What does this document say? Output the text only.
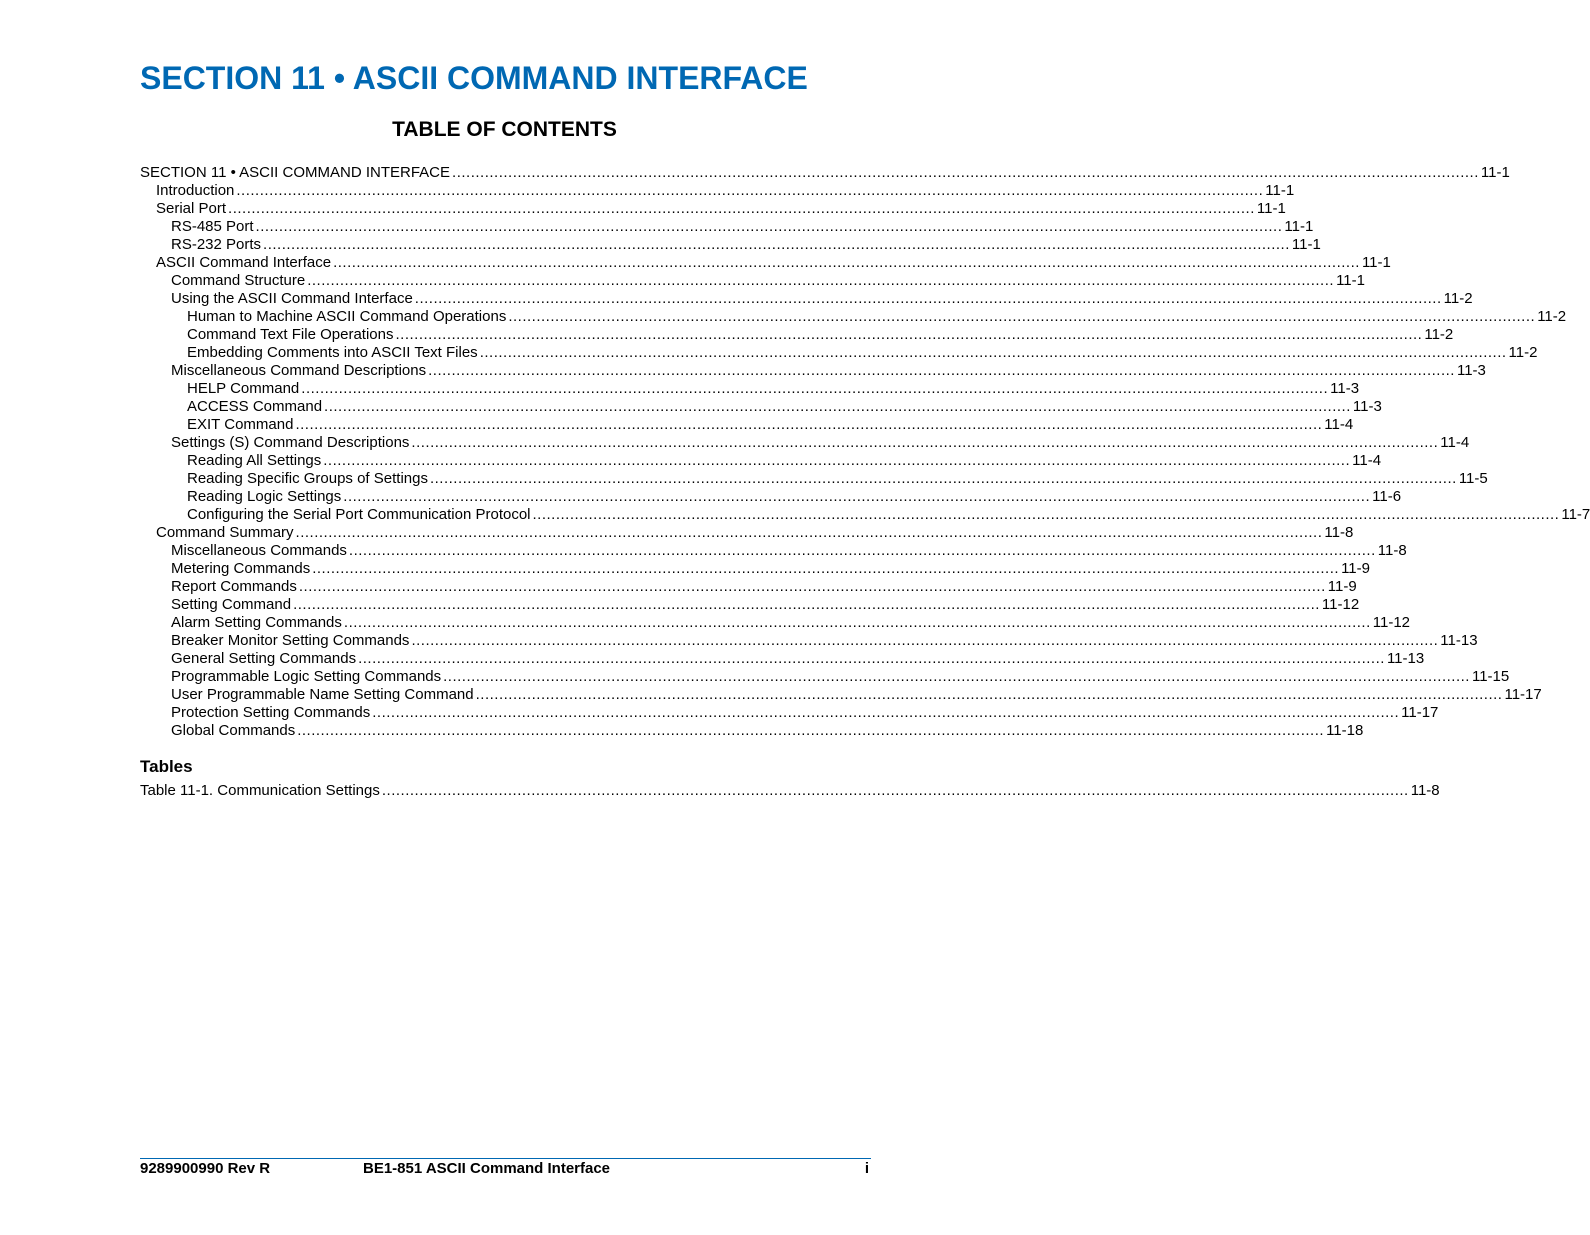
SECTION 11 • ASCII COMMAND INTERFACE
TABLE OF CONTENTS
SECTION 11 • ASCII COMMAND INTERFACE ............................................................................................................................................................................................................................ 11-1
Introduction ............................................................................................................................................................................................................................ 11-1
Serial Port ............................................................................................................................................................................................................................ 11-1
RS-485 Port ............................................................................................................................................................................................................................ 11-1
RS-232 Ports ............................................................................................................................................................................................................................ 11-1
ASCII Command Interface ............................................................................................................................................................................................................................ 11-1
Command Structure ............................................................................................................................................................................................................................ 11-1
Using the ASCII Command Interface ............................................................................................................................................................................................................................ 11-2
Human to Machine ASCII Command Operations ............................................................................................................................................................................................................................ 11-2
Command Text File Operations ............................................................................................................................................................................................................................ 11-2
Embedding Comments into ASCII Text Files ............................................................................................................................................................................................................................ 11-2
Miscellaneous Command Descriptions ............................................................................................................................................................................................................................ 11-3
HELP Command ............................................................................................................................................................................................................................ 11-3
ACCESS Command ............................................................................................................................................................................................................................ 11-3
EXIT Command ............................................................................................................................................................................................................................ 11-4
Settings (S) Command Descriptions ............................................................................................................................................................................................................................ 11-4
Reading All Settings ............................................................................................................................................................................................................................ 11-4
Reading Specific Groups of Settings ............................................................................................................................................................................................................................ 11-5
Reading Logic Settings ............................................................................................................................................................................................................................ 11-6
Configuring the Serial Port Communication Protocol ............................................................................................................................................................................................................................ 11-7
Command Summary ............................................................................................................................................................................................................................ 11-8
Miscellaneous Commands ............................................................................................................................................................................................................................ 11-8
Metering Commands ............................................................................................................................................................................................................................ 11-9
Report Commands ............................................................................................................................................................................................................................ 11-9
Setting Command ............................................................................................................................................................................................................................ 11-12
Alarm Setting Commands ............................................................................................................................................................................................................................ 11-12
Breaker Monitor Setting Commands ............................................................................................................................................................................................................................ 11-13
General Setting Commands ............................................................................................................................................................................................................................ 11-13
Programmable Logic Setting Commands ............................................................................................................................................................................................................................ 11-15
User Programmable Name Setting Command ............................................................................................................................................................................................................................ 11-17
Protection Setting Commands ............................................................................................................................................................................................................................ 11-17
Global Commands ............................................................................................................................................................................................................................ 11-18
Tables
Table 11-1. Communication Settings ............................................................................................................................................................................................................................ 11-8
9289900990 Rev R	BE1-851 ASCII Command Interface	i
